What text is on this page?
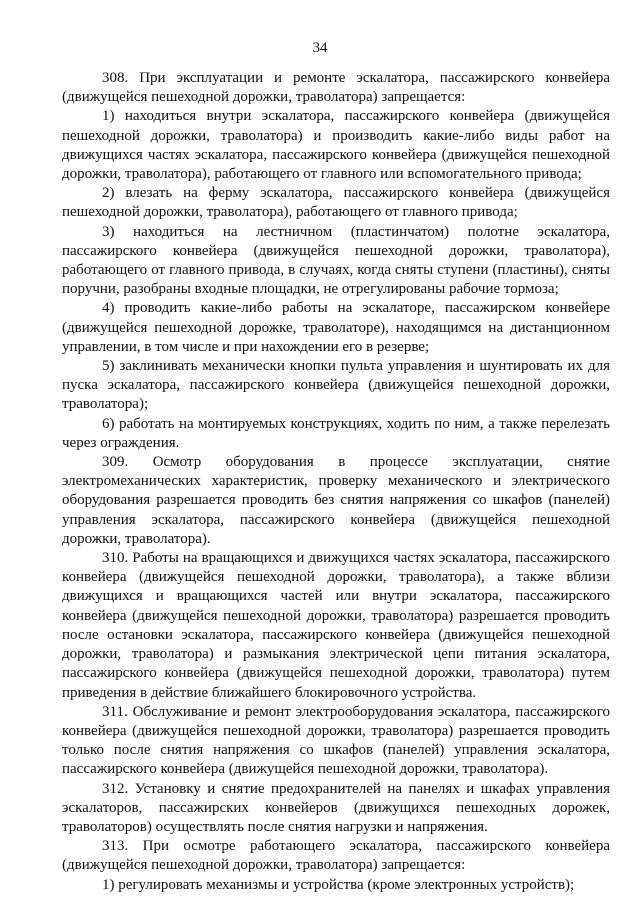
34

308. При эксплуатации и ремонте эскалатора, пассажирского конвейера (движущейся пешеходной дорожки, траволатора) запрещается:

1) находиться внутри эскалатора, пассажирского конвейера (движущейся пешеходной дорожки, траволатора) и производить какие-либо виды работ на движущихся частях эскалатора, пассажирского конвейера (движущейся пешеходной дорожки, траволатора), работающего от главного или вспомогательного привода;

2) влезать на ферму эскалатора, пассажирского конвейера (движущейся пешеходной дорожки, траволатора), работающего от главного привода;

3) находиться на лестничном (пластинчатом) полотне эскалатора, пассажирского конвейера (движущейся пешеходной дорожки, траволатора), работающего от главного привода, в случаях, когда сняты ступени (пластины), сняты поручни, разобраны входные площадки, не отрегулированы рабочие тормоза;

4) проводить какие-либо работы на эскалаторе, пассажирском конвейере (движущейся пешеходной дорожке, траволаторе), находящимся на дистанционном управлении, в том числе и при нахождении его в резерве;

5) заклинивать механически кнопки пульта управления и шунтировать их для пуска эскалатора, пассажирского конвейера (движущейся пешеходной дорожки, траволатора);

6) работать на монтируемых конструкциях, ходить по ним, а также перелезать через ограждения.

309. Осмотр оборудования в процессе эксплуатации, снятие электромеханических характеристик, проверку механического и электрического оборудования разрешается проводить без снятия напряжения со шкафов (панелей) управления эскалатора, пассажирского конвейера (движущейся пешеходной дорожки, траволатора).

310. Работы на вращающихся и движущихся частях эскалатора, пассажирского конвейера (движущейся пешеходной дорожки, траволатора), а также вблизи движущихся и вращающихся частей или внутри эскалатора, пассажирского конвейера (движущейся пешеходной дорожки, траволатора) разрешается проводить после остановки эскалатора, пассажирского конвейера (движущейся пешеходной дорожки, траволатора) и размыкания электрической цепи питания эскалатора, пассажирского конвейера (движущейся пешеходной дорожки, траволатора) путем приведения в действие ближайшего блокировочного устройства.

311. Обслуживание и ремонт электрооборудования эскалатора, пассажирского конвейера (движущейся пешеходной дорожки, траволатора) разрешается проводить только после снятия напряжения со шкафов (панелей) управления эскалатора, пассажирского конвейера (движущейся пешеходной дорожки, траволатора).

312. Установку и снятие предохранителей на панелях и шкафах управления эскалаторов, пассажирских конвейеров (движущихся пешеходных дорожек, траволаторов) осуществлять после снятия нагрузки и напряжения.

313. При осмотре работающего эскалатора, пассажирского конвейера (движущейся пешеходной дорожки, траволатора) запрещается:

1) регулировать механизмы и устройства (кроме электронных устройств);
